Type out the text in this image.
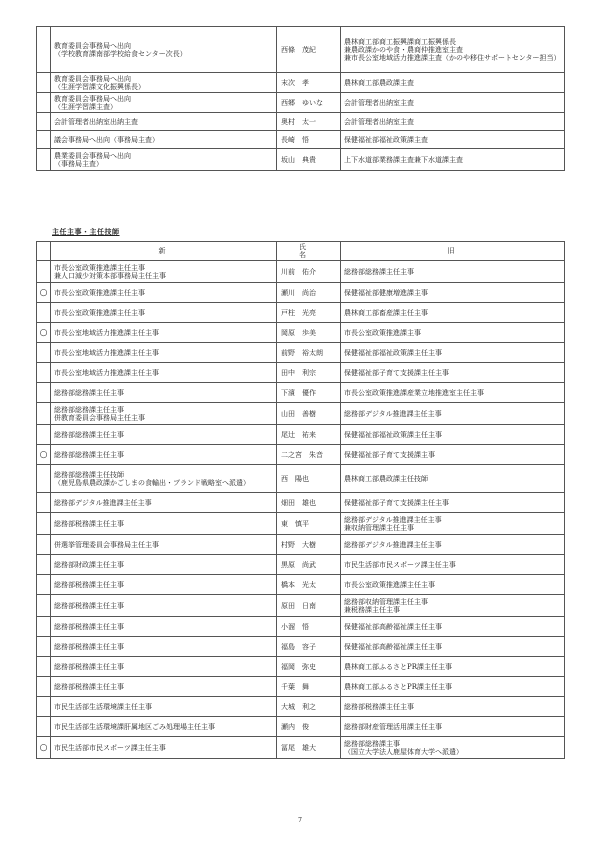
	教育委員会事務局へ出向
（学校教育課南部学校給食センター次長）	西條　茂紀	農林商工部商工振興課商工振興係長
兼農政課かのや食・農商仲推進室主査
兼市長公室地域活力推進課主査（かのや移住サポートセンター担当）
	教育委員会事務局へ出向
（生涯学習課文化振興係長）	末次　孝	農林商工部農政課主査
	教育委員会事務局へ出向
（生涯学習課主査）	西郷　ゆいな	会計管理者出納室主査
	会計管理者出納室出納主査	奥村　太一	会計管理者出納室主査
	議会事務局へ出向（事務局主査）	長崎　悟	保健福祉部福祉政策課主査
	農業委員会事務局へ出向
（事務局主査）	坂山　典貴	上下水道部業務課主査兼下水道課主査
主任主事・主任技師
	新	氏　　名	旧
	市長公室政策推進課主任主事
兼人口減少対策本部事務局主任主事	川前　佑介	総務部総務課主任主事
○	市長公室政策推進課主任主事	瀬川　尚治	保健福祉部健康増進課主事
	市長公室政策推進課主任主事	戸柱　光亮	農林商工部畜産課主任主事
○	市長公室地域活力推進課主任主事	岡原　歩美	市長公室政策推進課主事
	市長公室地域活力推進課主任主事	前野　裕太朗	保健福祉部福祉政策課主任主事
	市長公室地域活力推進課主任主事	田中　利宗	保健福祉部子育て支援課主任主事
	総務部総務課主任主事	下濱　優作	市長公室政策推進課産業立地推進室主任主事
	総務部総務課主任主事
併教育委員会事務局主任主事	山田　善樹	総務部デジタル推進課主任主事
	総務部総務課主任主事	尾辻　祐来	保健福祉部福祉政策課主任主事
○	総務部総務課主任主事	二之宮　朱音	保健福祉部子育て支援課主事
	総務部総務課主任技師
（鹿児島県農政課かごしまの食輸出・ブランド戦略室へ派遣）	西　陽也	農林商工部農政課主任技師
	総務部デジタル推進課主任主事	畑田　雄也	保健福祉部子育て支援課主任主事
	総務部税務課主任主事	東　慎平	総務部デジタル推進課主任主事
兼収納管理課主任主事
	併選挙管理委員会事務局主任主事	村野　大樹	総務部デジタル推進課主任主事
	総務部財政課主任主事	黒原　尚武	市民生活部市民スポーツ課主任主事
	総務部税務課主任主事	橋本　光太	市長公室政策推進課主任主事
	総務部税務課主任主事	原田　日南	総務部収納管理課主任主事
兼税務課主任主事
	総務部税務課主任主事	小溜　悟	保健福祉部高齢福祉課主任主事
	総務部税務課主任主事	福島　容子	保健福祉部高齢福祉課主任主事
	総務部税務課主任主事	福岡　弥史	農林商工部ふるさとPR課主任主事
	総務部税務課主任主事	千葉　舞	農林商工部ふるさとPR課主任主事
	市民生活部生活環境課主任主事	大城　利之	総務部税務課主任主事
	市民生活部生活環境課肝属地区ごみ処理場主任主事	瀬内　俊	総務部財産管理活用課主任主事
○	市民生活部市民スポーツ課主任主事	冨尾　雄大	総務部総務課主事
（国立大学法人鹿屋体育大学へ派遣）
7
